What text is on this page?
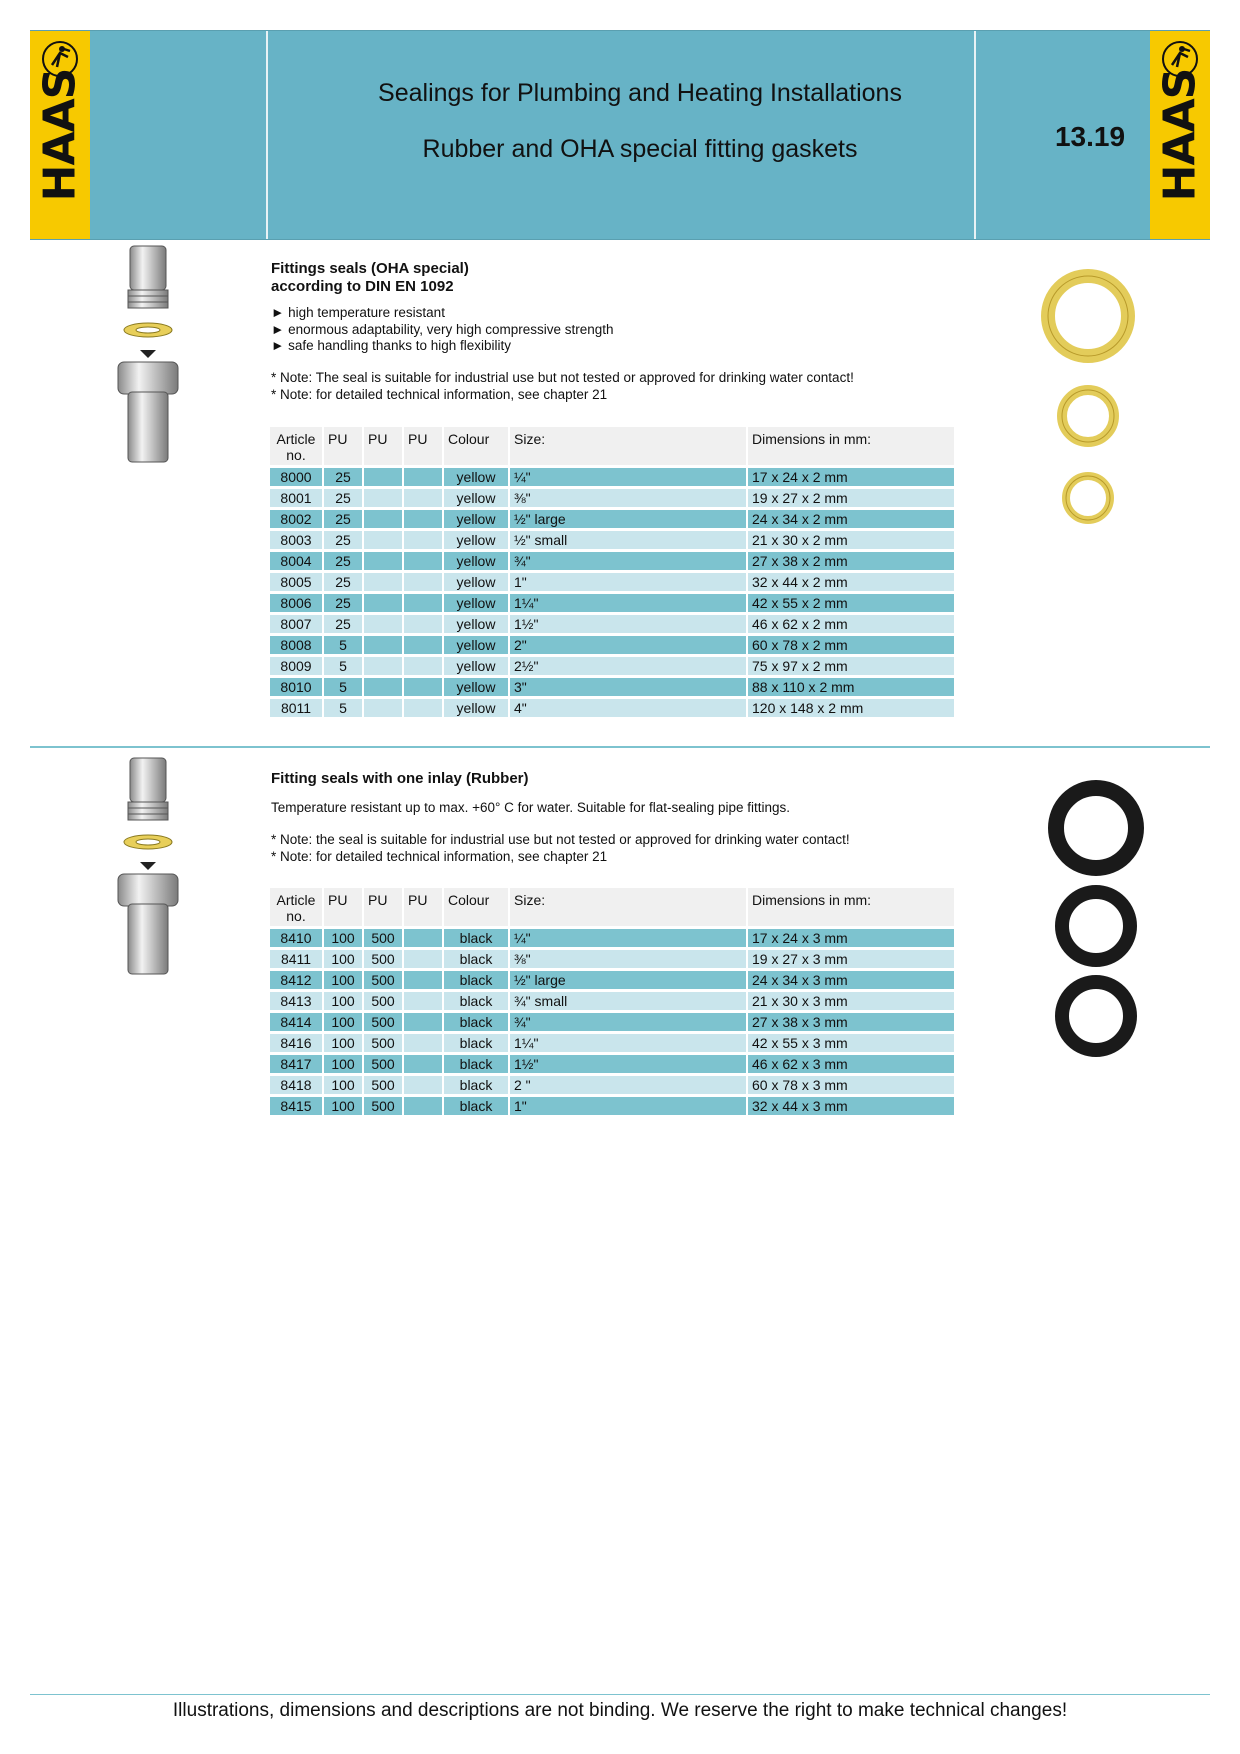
HAAS	Sealings for Plumbing and Heating Installations
Rubber and OHA special fitting gaskets	13.19 HAAS
Fittings seals (OHA special)
according to DIN EN 1092
► high temperature resistant
► enormous adaptability, very high compressive strength
► safe handling thanks to high flexibility
* Note: The seal is suitable for industrial use but not tested or approved for drinking water contact!
* Note: for detailed technical information, see chapter 21
Article no.	PU	PU	PU	Colour	Size:	Dimensions in mm:
8000	25			yellow	¼"	17 x 24 x 2 mm
8001	25			yellow	⅜"	19 x 27 x 2 mm
8002	25			yellow	½" large	24 x 34 x 2 mm
8003	25			yellow	½" small	21 x 30 x 2 mm
8004	25			yellow	¾"	27 x 38 x 2 mm
8005	25			yellow	1"	32 x 44 x 2 mm
8006	25			yellow	1¼"	42 x 55 x 2 mm
8007	25			yellow	1½"	46 x 62 x 2 mm
8008	5			yellow	2"	60 x 78 x 2 mm
8009	5			yellow	2½"	75 x 97 x 2 mm
8010	5			yellow	3"	88 x 110 x 2 mm
8011	5			yellow	4"	120 x 148 x 2 mm
Fitting seals with one inlay (Rubber)
Temperature resistant up to max. +60° C for water. Suitable for flat-sealing pipe fittings.
* Note: the seal is suitable for industrial use but not tested or approved for drinking water contact!
* Note: for detailed technical information, see chapter 21
Article no.	PU	PU	PU	Colour	Size:	Dimensions in mm:
8410	100	500		black	¼"	17 x 24 x 3 mm
8411	100	500		black	⅜"	19 x 27 x 3 mm
8412	100	500		black	½" large	24 x 34 x 3 mm
8413	100	500		black	¾" small	21 x 30 x 3 mm
8414	100	500		black	¾"	27 x 38 x 3 mm
8416	100	500		black	1¼"	42 x 55 x 3 mm
8417	100	500		black	1½"	46 x 62 x 3 mm
8418	100	500		black	2 "	60 x 78 x 3 mm
8415	100	500		black	1"	32 x 44 x 3 mm
Illustrations, dimensions and descriptions are not binding. We reserve the right to make technical changes!
